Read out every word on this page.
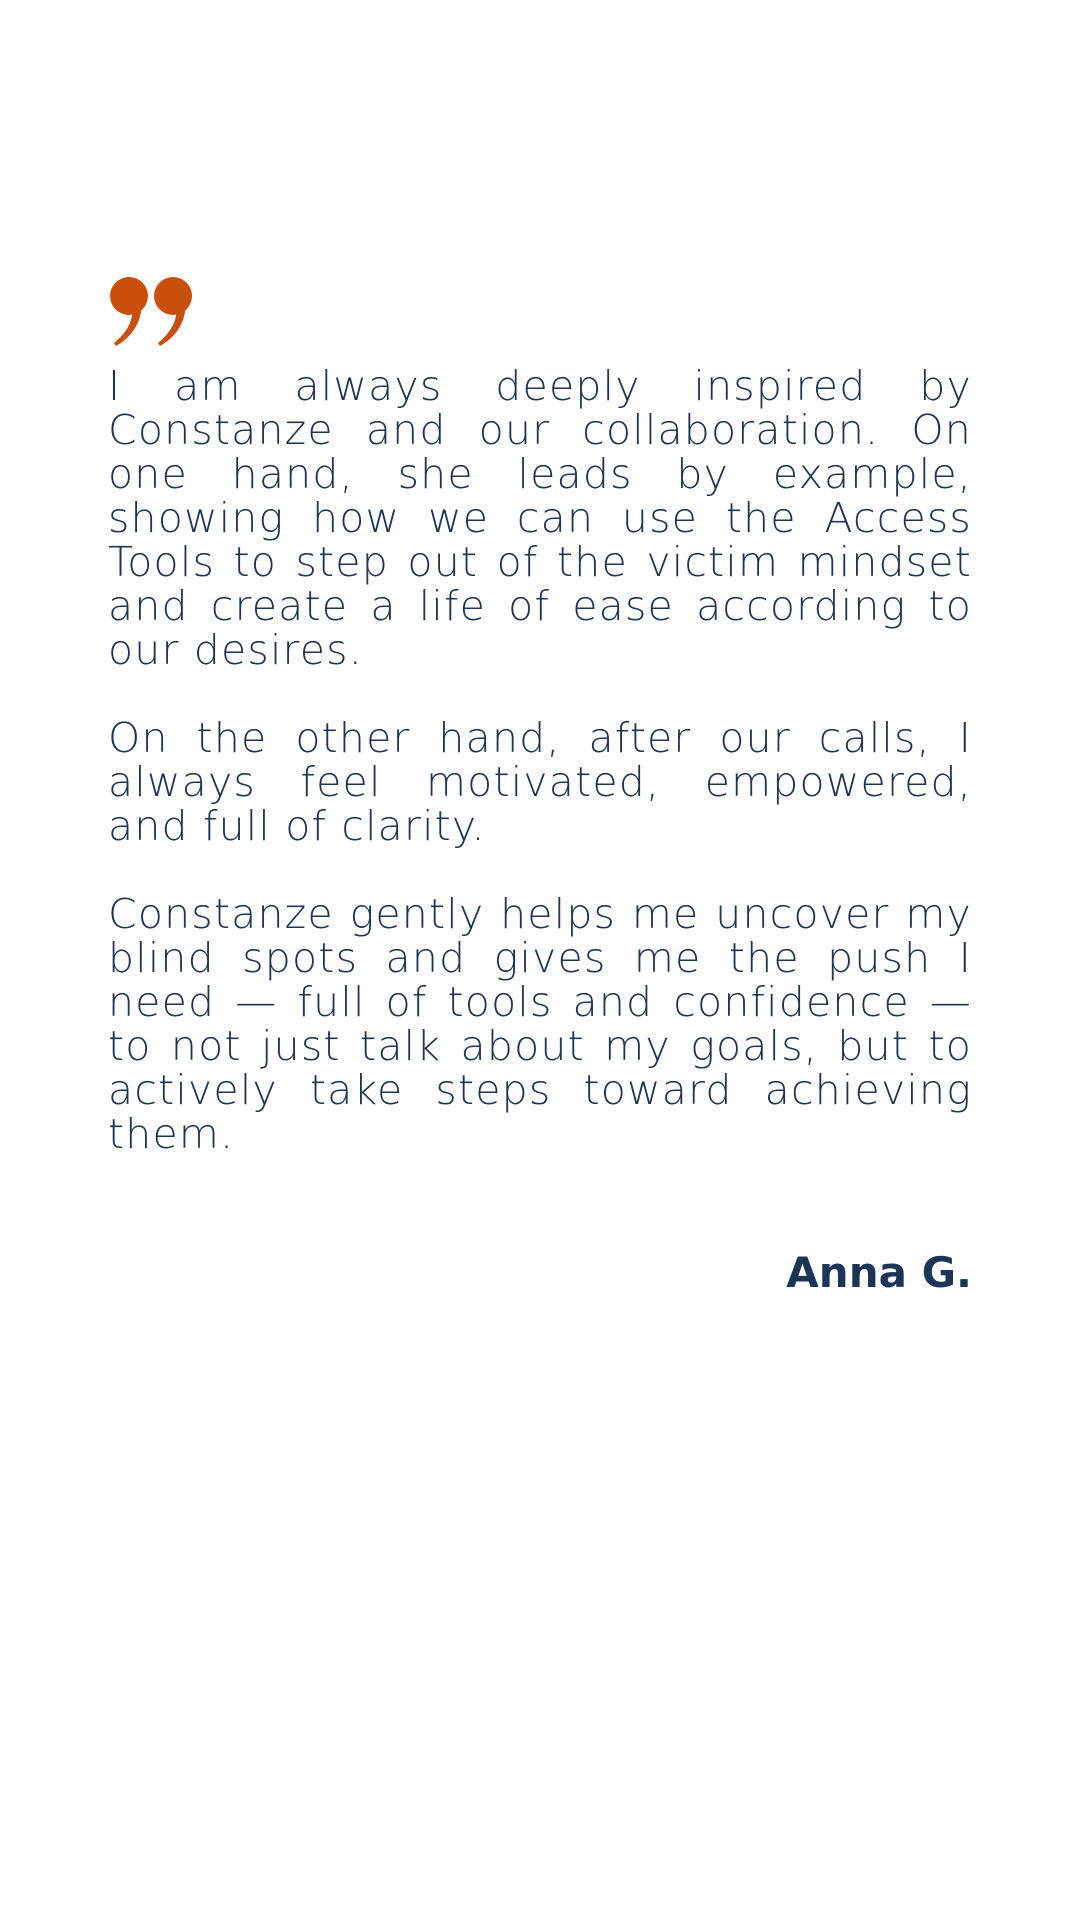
I am always deeply inspired by Constanze and our collaboration. On one hand, she leads by example, showing how we can use the Access Tools to step out of the victim mindset and create a life of ease according to our desires.

On the other hand, after our calls, I always feel motivated, empowered, and full of clarity.

Constanze gently helps me uncover my blind spots and gives me the push I need — full of tools and confidence — to not just talk about my goals, but to actively take steps toward achieving them.

Anna G.
